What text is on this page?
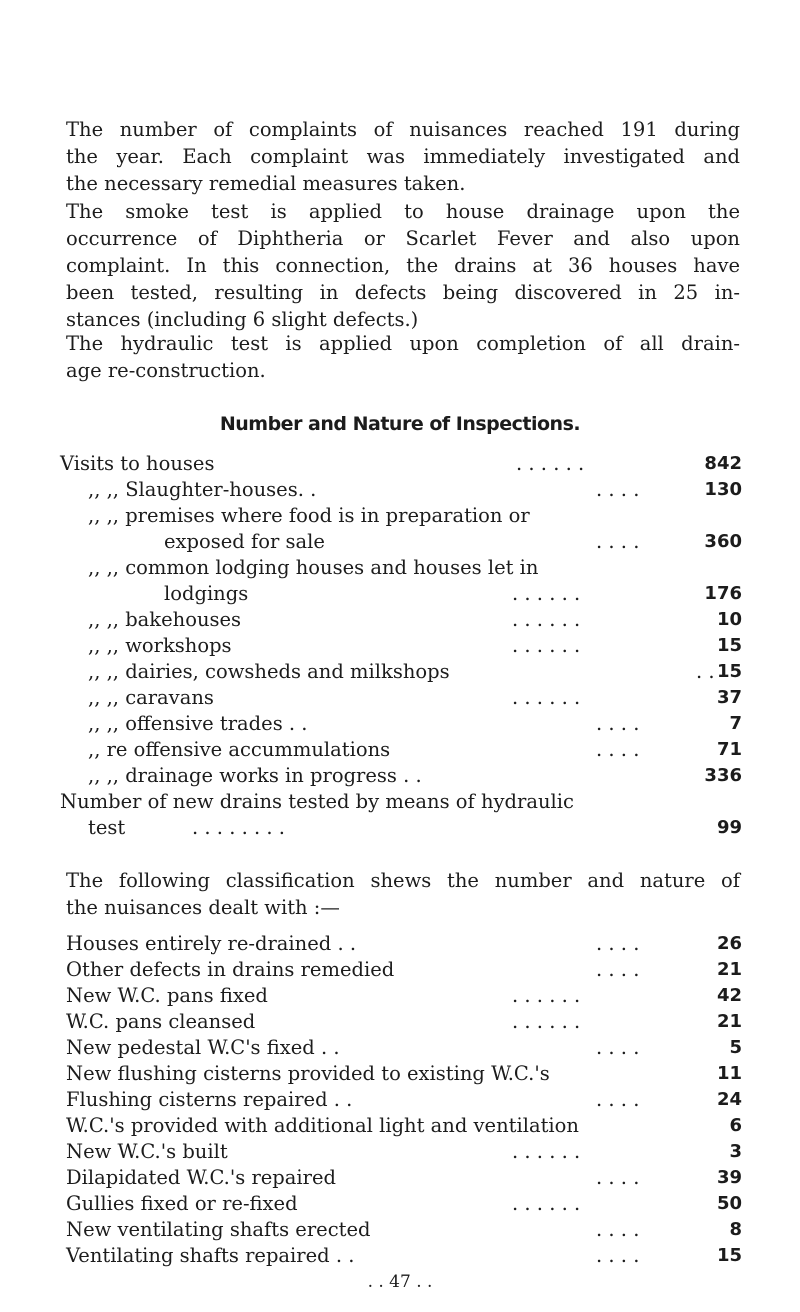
The number of complaints of nuisances reached 191 during
the year. Each complaint was immediately investigated and
the necessary remedial measures taken.
The smoke test is applied to house drainage upon the
occurrence of Diphtheria or Scarlet Fever and also upon
complaint. In this connection, the drains at 36 houses have
been tested, resulting in defects being discovered in 25 in-
stances (including 6 slight defects.)
The hydraulic test is applied upon completion of all drain-
age re-construction.
Number and Nature of Inspections.
Visits to houses	. . . . . .	842
,, ,, Slaughter-houses. .	. . . .	130
,, ,, premises where food is in preparation or
exposed for sale	. . . .	360
,, ,, common lodging houses and houses let in
lodgings	. . . . . .	176
,, ,, bakehouses	. . . . . .	10
,, ,, workshops	. . . . . .	15
,, ,, dairies, cowsheds and milkshops	. . 15
,, ,, caravans	. . . . . .	37
,, ,, offensive trades . .	. . . .	7
,, re offensive accummulations	. . . .	71
,, ,, drainage works in progress . .	336
Number of new drains tested by means of hydraulic
test	. . . . . . . .	99
The following classification shews the number and nature of
the nuisances dealt with :—
Houses entirely re-drained . .	. . . .	26
Other defects in drains remedied	. . . .	21
New W.C. pans fixed	. . . . . .	42
W.C. pans cleansed	. . . . . .	21
New pedestal W.C's fixed . .	. . . .	5
New flushing cisterns provided to existing W.C.'s	11
Flushing cisterns repaired . .	. . . .	24
W.C.'s provided with additional light and ventilation	6
New W.C.'s built	. . . . . .	3
Dilapidated W.C.'s repaired	. . . .	39
Gullies fixed or re-fixed	. . . . . .	50
New ventilating shafts erected	. . . .	8
Ventilating shafts repaired . .	. . . .	15
. . 47 . .
